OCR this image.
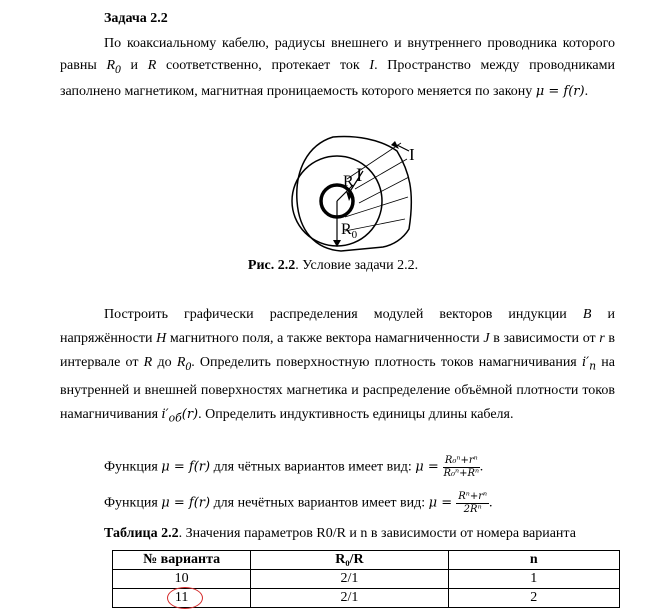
Задача 2.2
По коаксиальному кабелю, радиусы внешнего и внутреннего проводника которого равны $R_0$ и R соответственно, протекает ток I. Пространство между проводниками заполнено магнетиком, магнитная проницаемость которого меняется по закону μ = f(r).
I
R I
$R_0$
Рис. 2.2. Условие задачи 2.2.
Построить графически распределения модулей векторов индукции B и напряжённости H магнитного поля, а также вектора намагниченности J в зависимости от r в интервале от R до $R_0$. Определить поверхностную плотность токов намагничивания $i'_п$ на внутренней и внешней поверхностях магнетика и распределение объёмной плотности токов намагничивания $i'_{об}(r)$. Определить индуктивность единицы длины кабеля.
Функция μ = f(r) для чётных вариантов имеет вид: $\mu = \frac{\text{R₀ⁿ+rⁿ}}{\text{R₀ⁿ+Rⁿ}}$ .
Функция μ = f(r) для нечётных вариантов имеет вид: $\mu = \frac{\text{Rⁿ+rⁿ}}{\text{2Rⁿ}}$ .
Таблица 2.2. Значения параметров R0/R и n в зависимости от номера варианта
№ варианта	R₀/R	n
10	2/1	1
11	2/1	2
